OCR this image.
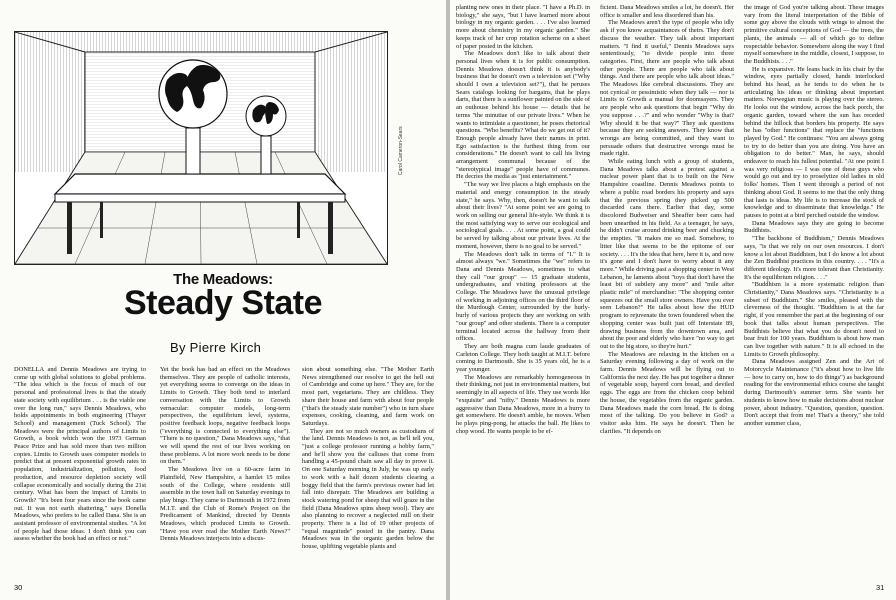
Carol Cameron-Sears
The Meadows:
Steady State
By Pierre Kirch

DONELLA and Dennis Meadows are trying to come up with global solutions to global problems. "The idea which is the focus of much of our personal and professional lives is that the steady state society with equilibrium . . . is the viable one over the long run," says Dennis Meadows, who holds appointments in both engineering (Thayer School) and management (Tuck School). The Meadows were the principal authors of Limits to Growth, a book which won the 1973 German Peace Prize and has sold more than two million copies. Limits to Growth uses computer models to predict that at present exponential growth rates in population, industrialization, pollution, food production, and resource depletion society will collapse economically and socially during the 21st century. What has been the impact of Limits to Growth? "It's been four years since the book came out. It was not earth shattering," says Donella Meadows, who prefers to be called Dana. She is an assistant professor of environmental studies. "A lot of people had those ideas. I don't think you can assess whether the book had an effect or not."

Yet the book has had an effect on the Meadows themselves. They are people of catholic interests, yet everything seems to converge on the ideas in Limits to Growth. They both tend to interlard conversation with the Limits to Growth vernacular: computer models, long-term perspectives, the equilibrium level, systems, positive feedback loops, negative feedback loops ("everything is connected to everything else"). "There is no question," Dana Meadows says, "that we will spend the rest of our lives working on these problems. A lot more work needs to be done on them."

The Meadows live on a 60-acre farm in Plainfield, New Hampshire, a hamlet 15 miles south of the College, where residents still assemble in the town hall on Saturday evenings to play bingo. They came to Dartmouth in 1972 from M.I.T. and the Club of Rome's Project on the Predicament of Mankind, directed by Dennis Meadows, which produced Limits to Growth. "Have you ever read the Mother Earth News?" Dennis Meadows interjects into a discus-

sion about something else. "The Mother Earth News strengthened our resolve to get the hell out of Cambridge and come up here." They are, for the most part, vegetarians. They are childless. They share their house and farm with about four people ("that's the steady state number") who in turn share expenses, cooking, cleaning, and farm work on Saturdays.

They are not so much owners as custodians of the land. Dennis Meadows is not, as he'll tell you, "just a college professor running a hobby farm," and he'll show you the calluses that come from handling a 45-pound chain saw all day to prove it. On one Saturday morning in July, he was up early to work with a half dozen students clearing a boggy field that the farm's previous owner had let fall into disrepair. The Meadows are building a stock watering pond for sheep that will graze in the field (Dana Meadows spins sheep wool). They are also planning to recover a neglected mill on their property. There is a list of 19 other projects of "equal magnitude" posted in the pantry. Dana Meadows was in the organic garden below the house, uplifting vegetable plants and

30

planting new ones in their place. "I have a Ph.D. in biology," she says, "but I have learned more about biology in my organic garden. . . . I've also learned more about chemistry in my organic garden." She keeps track of her crop rotation scheme on a sheet of paper posted in the kitchen.

The Meadows don't like to talk about their personal lives when it is for public consumption. Dennis Meadows doesn't think it is anybody's business that he doesn't own a television set ("Why should I own a television set?"), that he peruses Sears catalogs looking for bargains, that he plays darts, that there is a sunflower painted on the side of an outhouse behind his house — details that he terms "the minutiae of our private lives." When he wants to intimidate a questioner, he poses rhetorical questions. "Who benefits? What do we get out of it? Enough people already have their names in print. Ego satisfaction is the furthest thing from our considerations." He doesn't want to call his living arrangement communal because of the "stereotypical image" people have of communes. He decries the media as "just entertainment."

"The way we live places a high emphasis on the material and energy consumption in the steady state," he says. Why, then, doesn't he want to talk about their lives? "At some point we are going to work on selling our general life-style. We think it is the most satisfying way to serve our ecological and sociological goals. . . . At some point, a goal could be served by talking about our private lives. At the moment, however, there is no goal to be served."

The Meadows don't talk in terms of "I." It is almost always "we." Sometimes the "we" refers to Dana and Dennis Meadows, sometimes to what they call "our group" — 15 graduate students, undergraduates, and visiting professors at the College. The Meadows have the unusual privilege of working in adjoining offices on the third floor of the Murdough Center, surrounded by the hurly-burly of various projects they are working on with "our group" and other students. There is a computer terminal located across the hallway from their offices.

They are both magna cum laude graduates of Carleton College. They both taught at M.I.T. before coming to Dartmouth. She is 35 years old, he is a year younger.

The Meadows are remarkably homogeneous in their thinking, not just in environmental matters, but seemingly in all aspects of life. They use words like "exquisite" and "nifty." Dennis Meadows is more aggressive than Dana Meadows, more in a hurry to get somewhere. He doesn't amble, he moves. When he plays ping-pong, he attacks the ball. He likes to chop wood. He wants people to be ef-

ficient. Dana Meadows smiles a lot, he doesn't. Her office is smaller and less disordered than his.

The Meadows aren't the type of people who idly ask if you know acquaintances of theirs. They don't discuss the weather. They talk about important matters. "I find it useful," Dennis Meadows says sententiously, "to divide people into three categories. First, there are people who talk about other people. There are people who talk about things. And there are people who talk about ideas." The Meadows like cerebral discussions. They are not cynical or pessimistic when they talk — nor is Limits to Growth a manual for doomsayers. They are people who ask questions that begin "Why do you suppose . . .?" and who wonder "Why is that? Why should it be that way?" They ask questions because they are seeking answers. They know that wrongs are being committed, and they want to persuade others that destructive wrongs must be made right.

While eating lunch with a group of students, Dana Meadows talks about a protest against a nuclear power plant that is to built on the New Hampshire coastline. Dennis Meadows points to where a public road borders his property and says that the previous spring they picked up 500 discarded cans there. Earlier that day, some discolored Budweiser and Sheaffer beer cans had been unearthed in his field. As a teenager, he says, he didn't cruise around drinking beer and chucking the empties. "It makes me so mad. Somehow, to litter like that seems to be the epitome of our society. . . . It's the idea that here, here it is, and now it's gone and I don't have to worry about it any more." While driving past a shopping center in West Lebanon, he laments about "toys that don't have the least bit of subtlety any more" and "mile after plastic mile" of merchandise: "The shopping center squeezes out the small store owners. Have you ever seen Lebanon?" He talks about how the HUD program to rejuvenate the town foundered when the shopping center was built just off Interstate 89, drawing business from the downtown area, and about the poor and elderly who have "no way to get out to the big store, so they're hurt."

The Meadows are relaxing in the kitchen on a Saturday evening following a day of work on the farm. Dennis Meadows will be flying out to California the next day. He has put together a dinner of vegetable soup, bayerd corn bread, and deviled eggs. The eggs are from the chicken coop behind the house, the vegetables from the organic garden. Dana Meadows made the corn bread. He is doing most of the talking. Do you believe in God? a visitor asks him. He says he doesn't. Then he clarifies. "It depends on

the image of God you're talking about. These images vary from the literal interpretation of the Bible of some guy above the clouds with wings to almost the primitive cultural conceptions of God — the trees, the plants, the animals — all of which go to define respectable behavior. Somewhere along the way I find myself somewhere in the middle, closest, I suppose, to the Buddhists. . . ."

He is expansive. He leans back in his chair by the window, eyes partially closed, hands interlocked behind his head, as he tends to do when he is articulating his ideas or thinking about important matters. Norwegian music is playing over the stereo. He looks out the window, across the back porch, the organic garden, toward where the sun has receded behind the hillock that borders his property. He says he has "other functions" that replace the "functions played by God." He continues: "You are always going to try to do better than you are doing. You have an obligation to do better." Man, he says, should endeavor to reach his fullest potential. "At one point I was very religious — I was one of these guys who would go out and try to proselytize old ladies in old folks' homes. Then I went through a period of not thinking about God. It seems to me that the only thing that lasts is ideas. My life is to increase the stock of knowledge and to disseminate that knowledge." He pauses to point at a bird perched outside the window.

Dana Meadows says they are going to become Buddhists.

"The backbone of Buddhism," Dennis Meadows says, "is that we rely on our own resources. I don't know a lot about Buddhism, but I do know a lot about the Zen Buddhist practices in this country. . . . "It's a different ideology. It's more tolerant than Christianity. It's the equilibrium religion. . . ."

"Buddhism is a more systematic religion than Christianity," Dana Meadows says. "Christianity is a subset of Buddhism." She smiles, pleased with the cleverness of the thought. "Buddhism is at the far right, if you remember the part at the beginning of our book that talks about human perspectives. The Buddhists believe that what you do doesn't need to bear fruit for 100 years. Buddhism is about how man can live together with nature." It is all echoed in the Limits to Growth philosophy.

Dana Meadows assigned Zen and the Art of Motorcycle Maintenance ("it's about how to live life — how to carry on, how to do things") as background reading for the environmental ethics course she taught during Dartmouth's summer term. She wants her students to know how to make decisions about nuclear power, about industry. "Question, question, question. Don't accept that from me! That's a theory," she told another summer class,

31
